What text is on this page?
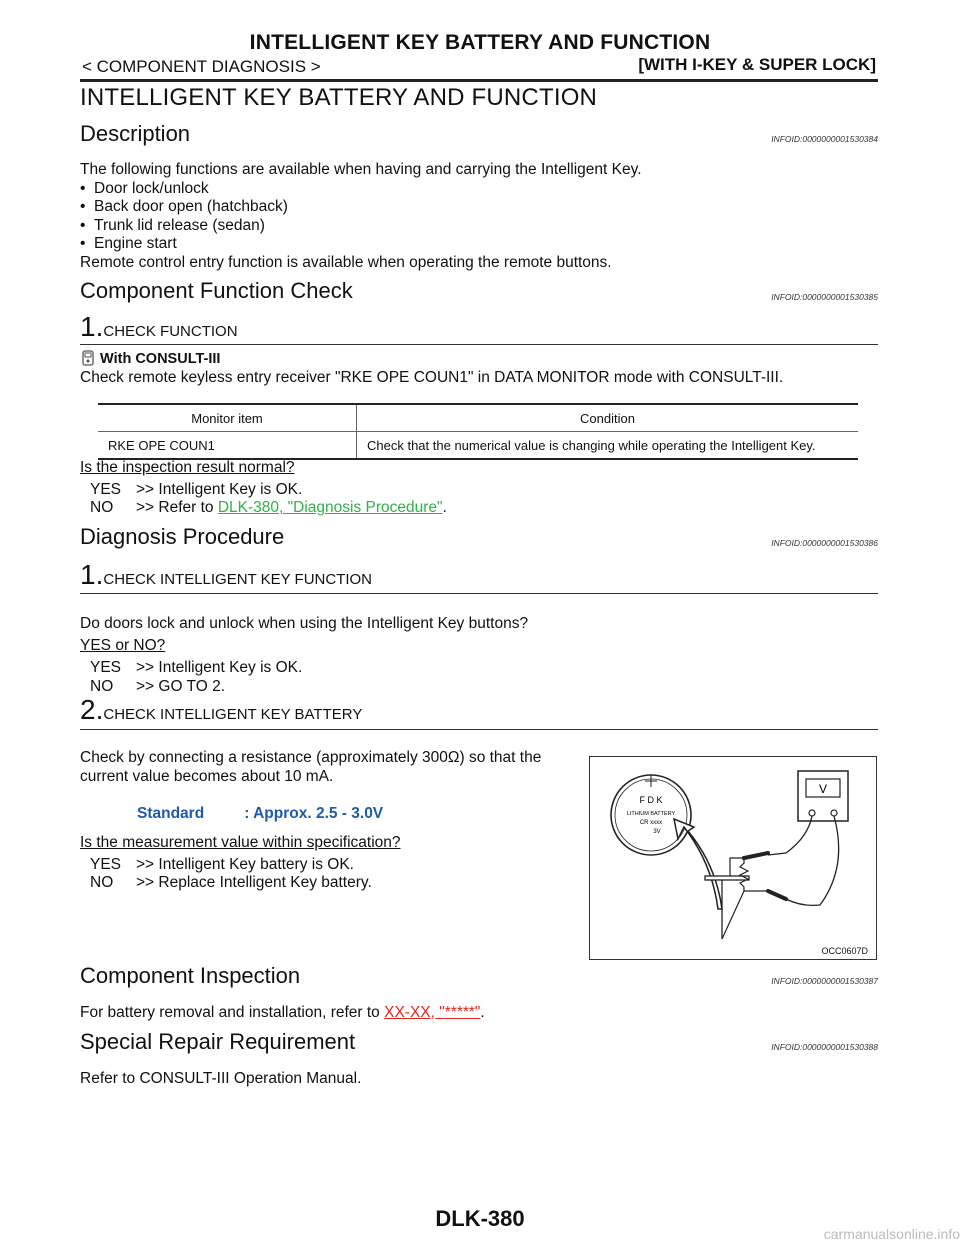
INTELLIGENT KEY BATTERY AND FUNCTION
< COMPONENT DIAGNOSIS >	[WITH I-KEY & SUPER LOCK]
INTELLIGENT KEY BATTERY AND FUNCTION
Description	INFOID:0000000001530384
The following functions are available when having and carrying the Intelligent Key.
•  Door lock/unlock
•  Back door open (hatchback)
•  Trunk lid release (sedan)
•  Engine start
Remote control entry function is available when operating the remote buttons.
Component Function Check	INFOID:0000000001530385
1.CHECK FUNCTION
With CONSULT-III
Check remote keyless entry receiver "RKE OPE COUN1" in DATA MONITOR mode with CONSULT-III.
Monitor item	Condition
RKE OPE COUN1	Check that the numerical value is changing while operating the Intelligent Key.
Is the inspection result normal?
YES >> Intelligent Key is OK.
NO >> Refer to DLK-380, "Diagnosis Procedure".
Diagnosis Procedure	INFOID:0000000001530386
1.CHECK INTELLIGENT KEY FUNCTION
Do doors lock and unlock when using the Intelligent Key buttons?
YES or NO?
YES >> Intelligent Key is OK.
NO >> GO TO 2.
2.CHECK INTELLIGENT KEY BATTERY
Check by connecting a resistance (approximately 300Ω) so that the
current value becomes about 10 mA.
Standard	: Approx. 2.5 - 3.0V
Is the measurement value within specification?
YES >> Intelligent Key battery is OK.
NO >> Replace Intelligent Key battery.
F D K
LITHIUM BATTERY
CR xxxx
3V
V
OCC0607D
Component Inspection	INFOID:0000000001530387
For battery removal and installation, refer to XX-XX, "*****".
Special Repair Requirement	INFOID:0000000001530388
Refer to CONSULT-III Operation Manual.
DLK-380
carmanualsonline.info
